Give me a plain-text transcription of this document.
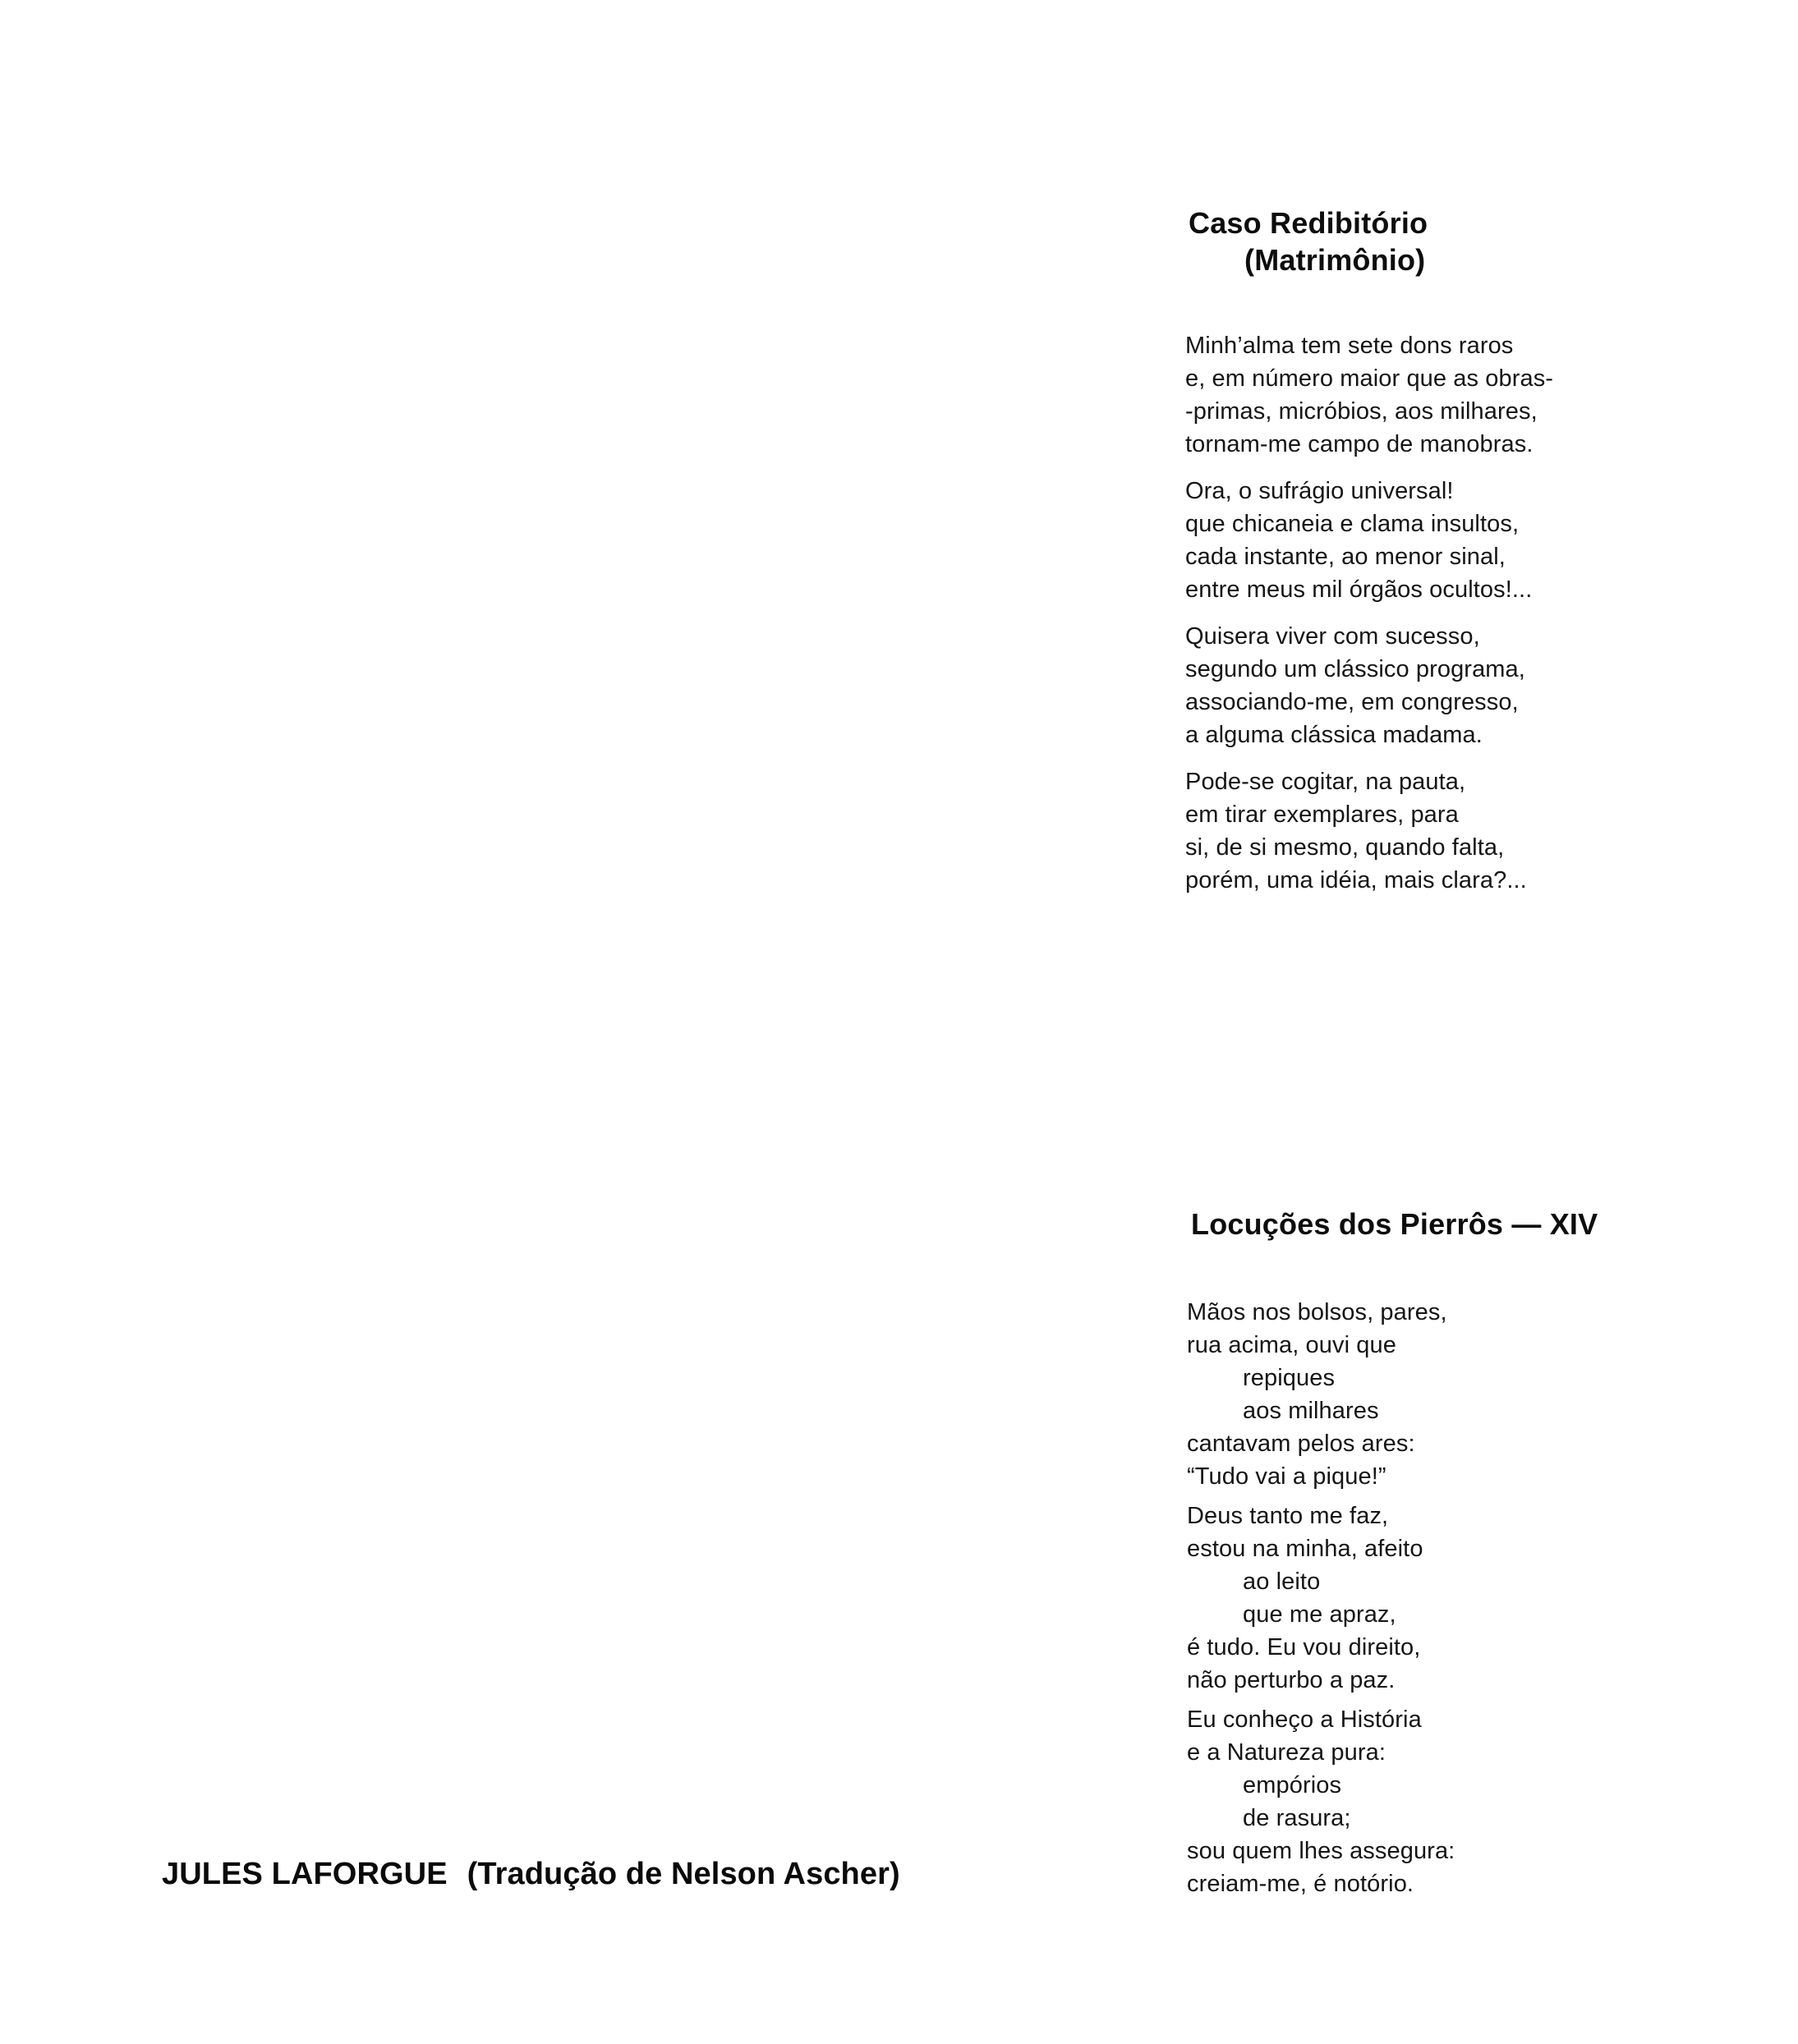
Caso Redibitório
(Matrimônio)
Minh’alma tem sete dons raros
e, em número maior que as obras-
-primas, micróbios, aos milhares,
tornam-me campo de manobras.
Ora, o sufrágio universal!
que chicaneia e clama insultos,
cada instante, ao menor sinal,
entre meus mil órgãos ocultos!...
Quisera viver com sucesso,
segundo um clássico programa,
associando-me, em congresso,
a alguma clássica madama.
Pode-se cogitar, na pauta,
em tirar exemplares, para
si, de si mesmo, quando falta,
porém, uma idéia, mais clara?...
Locuções dos Pierrôs — XIV
Mãos nos bolsos, pares,
rua acima, ouvi que
repiques
aos milhares
cantavam pelos ares:
“Tudo vai a pique!”
Deus tanto me faz,
estou na minha, afeito
ao leito
que me apraz,
é tudo. Eu vou direito,
não perturbo a paz.
Eu conheço a História
e a Natureza pura:
empórios
de rasura;
sou quem lhes assegura:
creiam-me, é notório.
JULES LAFORGUE (Tradução de Nelson Ascher)
